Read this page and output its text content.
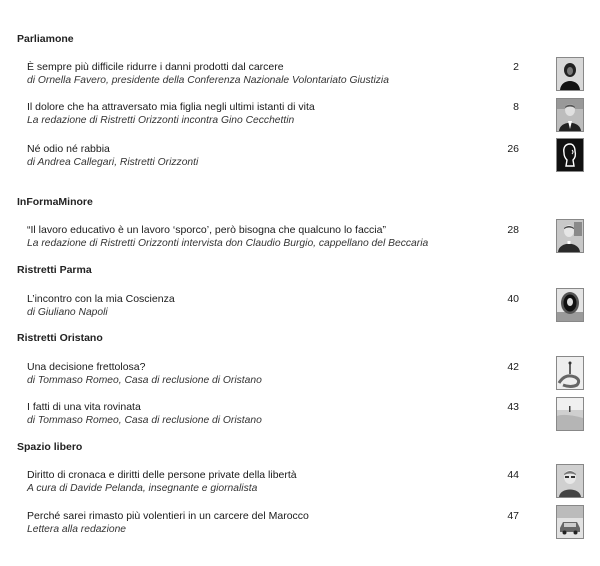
Parliamone
È sempre più difficile ridurre i danni prodotti dal carcere
di Ornella Favero, presidente della Conferenza Nazionale Volontariato Giustizia
2
Il dolore che ha attraversato mia figlia negli ultimi istanti di vita
La redazione di Ristretti Orizzonti incontra Gino Cecchettin
8
Né odio né rabbia
di Andrea Callegari, Ristretti Orizzonti
26
InFormaMinore
“Il lavoro educativo è un lavoro ‘sporco’, però bisogna che qualcuno lo faccia”
La redazione di Ristretti Orizzonti intervista don Claudio Burgio, cappellano del Beccaria
28
Ristretti Parma
L’incontro con la mia Coscienza
di Giuliano Napoli
40
Ristretti Oristano
Una decisione frettolosa?
di Tommaso Romeo, Casa di reclusione di Oristano
42
I fatti di una vita rovinata
di Tommaso Romeo, Casa di reclusione di Oristano
43
Spazio libero
Diritto di cronaca e diritti delle persone private della libertà
A cura di Davide Pelanda, insegnante e giornalista
44
Perché sarei rimasto più volentieri in un carcere del Marocco
Lettera alla redazione
47
